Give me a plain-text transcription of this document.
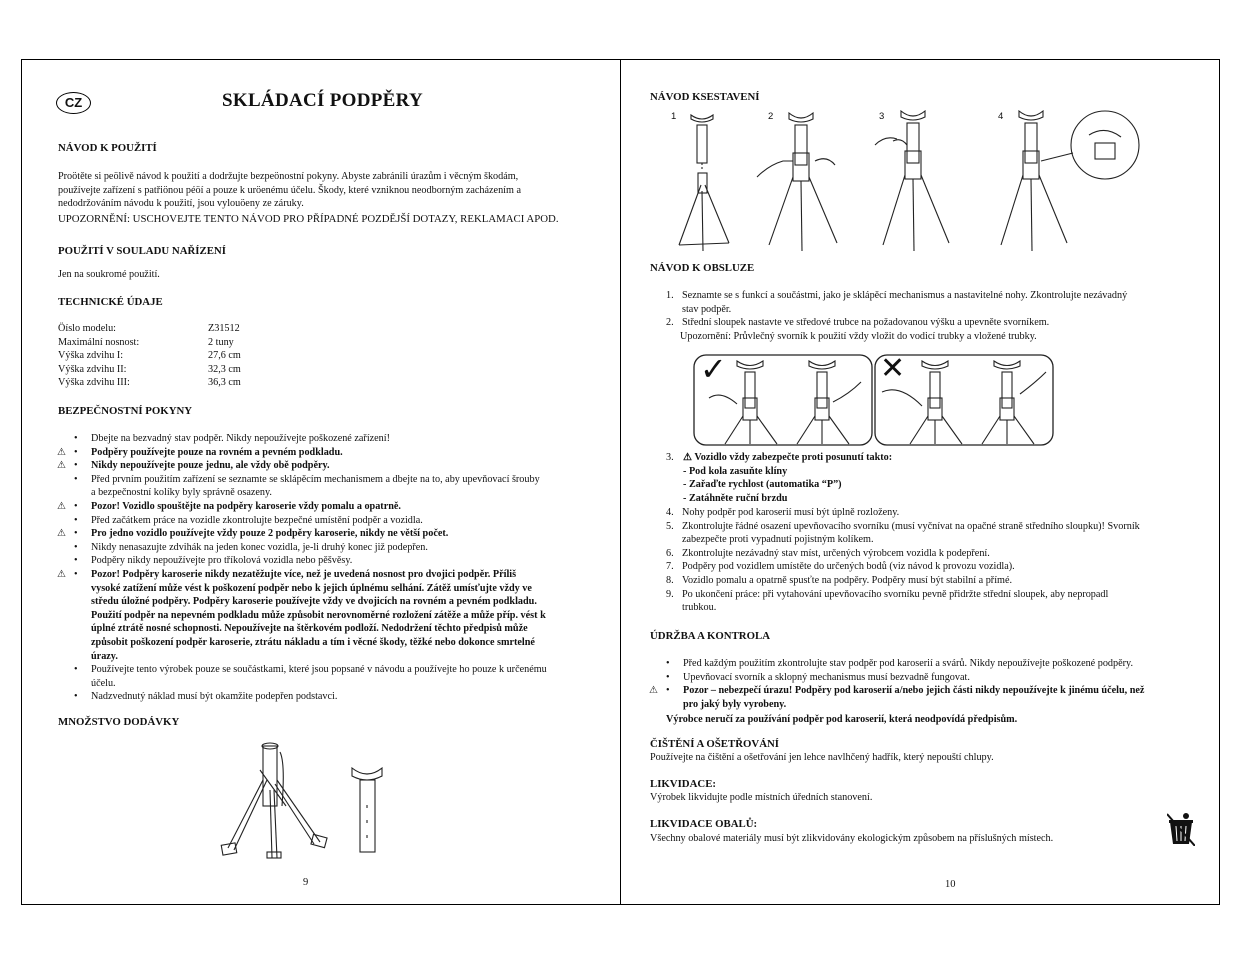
CZ	SKLÁDACÍ PODPĚRY
NÁVOD K POUŽITÍ
Proötěte si peölivě návod k použití a dodržujte bezpeönostní pokyny. Abyste zabránili úrazům i věcným škodám,
používejte zařízení s patřiönou péöí a pouze k uröenému účelu. Škody, které vzniknou neodborným zacházením a
nedodržováním návodu k použití, jsou vylouöeny ze záruky.
UPOZORNĚNÍ: USCHOVEJTE TENTO NÁVOD PRO PŘÍPADNÉ POZDĚJŠÍ DOTAZY, REKLAMACI APOD.
POUŽITÍ V SOULADU NAŘÍZENÍ
Jen na soukromé použití.
TECHNICKÉ ÚDAJE
Öíslo modelu:	Z31512
Maximální nosnost:	2 tuny
Výška zdvihu I:	27,6 cm
Výška zdvihu II:	32,3 cm
Výška zdvihu III:	36,3 cm
BEZPEČNOSTNÍ POKYNY
• Dbejte na bezvadný stav podpěr. Nikdy nepoužívejte poškozené zařízení!
⚠ • Podpěry používejte pouze na rovném a pevném podkladu.
⚠ • Nikdy nepoužívejte pouze jednu, ale vždy obě podpěry.
• Před prvním použitím zařízení se seznamte se sklápěcím mechanismem a dbejte na to, aby upevňovací šrouby
a bezpečnostní kolíky byly správně osazeny.
⚠ • Pozor! Vozidlo spouštějte na podpěry karoserie vždy pomalu a opatrně.
• Před začátkem práce na vozidle zkontrolujte bezpečné umístění podpěr a vozidla.
⚠ • Pro jedno vozidlo používejte vždy pouze 2 podpěry karoserie, nikdy ne větší počet.
• Nikdy nenasazujte zdvihák na jeden konec vozidla, je-li druhý konec již podepřen.
• Podpěry nikdy nepoužívejte pro tříkolová vozidla nebo pěšvěsy.
⚠ • Pozor! Podpěry karoserie nikdy nezatěžujte více, než je uvedená nosnost pro dvojici podpěr. Příliš
vysoké zatížení může vést k poškození podpěr nebo k jejich úplnému selhání. Zátěž umísťujte vždy ve
středu úložné podpěry. Podpěry karoserie používejte vždy ve dvojicích na rovném a pevném podkladu.
Použití podpěr na nepevném podkladu může způsobit nerovnoměrné rozložení zátěže a může příp. vést k
úplné ztrátě nosné schopnosti. Nepoužívejte na štěrkovém podloží. Nedodržení těchto předpisů může
způsobit poškození podpěr karoserie, ztrátu nákladu a tím i věcné škody, těžké nebo dokonce smrtelné
úrazy.
• Používejte tento výrobek pouze se součástkami, které jsou popsané v návodu a používejte ho pouze k určenému
účelu.
• Nadzvednutý náklad musí být okamžite podepřen podstavci.
MNOŽSTVO DODÁVKY
9
NÁVOD KSESTAVENÍ
1	2	3	4
NÁVOD K OBSLUZE
1. Seznamte se s funkcí a součástmi, jako je sklápěcí mechanismus a nastavitelné nohy. Zkontrolujte nezávadný
stav podpěr.
2. Střední sloupek nastavte ve středové trubce na požadovanou výšku a upevněte svorníkem.
Upozornění: Průvlečný svorník k použití vždy vložit do vodicí trubky a vložené trubky.
✓	✕
3. ⚠ Vozidlo vždy zabezpečte proti posunutí takto:
- Pod kola zasuňte klíny
- Zařaďte rychlost (automatika “P”)
- Zatáhněte ruční brzdu
4. Nohy podpěr pod karoserií musí být úplně rozloženy.
5. Zkontrolujte řádné osazení upevňovacího svorníku (musí vyčnívat na opačné straně středního sloupku)! Svorník
zabezpečte proti vypadnutí pojistným kolíkem.
6. Zkontrolujte nezávadný stav míst, určených výrobcem vozidla k podepření.
7. Podpěry pod vozidlem umístěte do určených bodů (viz návod k provozu vozidla).
8. Vozidlo pomalu a opatrně spusťte na podpěry. Podpěry musí být stabilní a přímé.
9. Po ukončení práce: při vytahování upevňovacího svorníku pevně přidržte střední sloupek, aby nepropadl
trubkou.
ÚDRŽBA A KONTROLA
• Před každým použitím zkontrolujte stav podpěr pod karoserií a svárů. Nikdy nepoužívejte poškozené podpěry.
• Upevňovací svorník a sklopný mechanismus musí bezvadně fungovat.
⚠ • Pozor – nebezpečí úrazu! Podpěry pod karoserií a/nebo jejich části nikdy nepoužívejte k jinému účelu, než
pro jaký byly vyrobeny.
Výrobce neručí za používání podpěr pod karoserií, která neodpovídá předpisům.
ČIŠTĚNÍ A OŠETŘOVÁNÍ
Používejte na čištění a ošetřování jen lehce navlhčený hadřík, který nepouští chlupy.
LIKVIDACE:
Výrobek likvidujte podle místních úředních stanovení.
LIKVIDACE OBALŮ:
Všechny obalové materiály musí být zlikvidovány ekologickým způsobem na příslušných místech.
10
